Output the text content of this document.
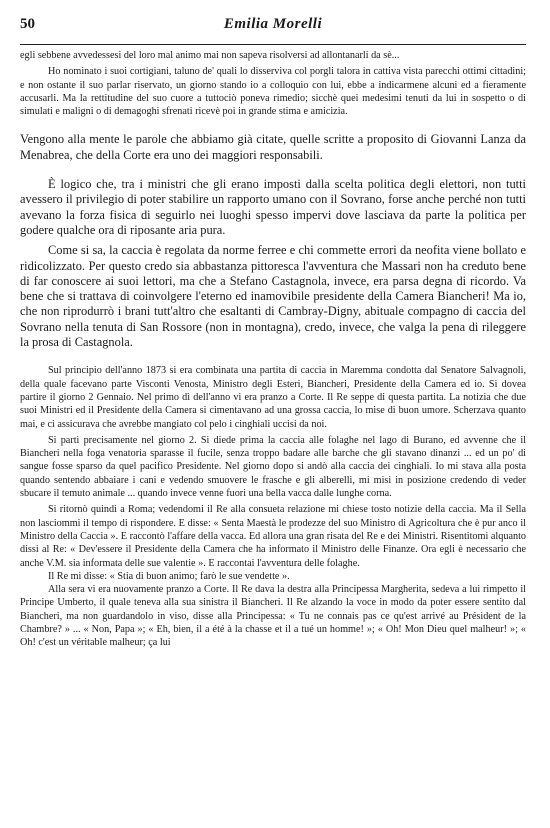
50	Emilia Morelli

egli sebbene avvedessesi del loro mal animo mai non sapeva risolversi ad allontanarli da sè...

Ho nominato i suoi cortigiani, taluno de' quali lo disserviva col porgli talora in cattiva vista parecchi ottimi cittadini; e non ostante il suo parlar riservato, un giorno stando io a colloquio con lui, ebbe a indicarmene alcuni ed a fieramente accusarli. Ma la rettitudine del suo cuore a tuttociò poneva rimedio; sicchè quei medesimi tenuti da lui in sospetto o di simulati e maligni o di demagoghi sfrenati ricevè poi in grande stima e amicizia.

Vengono alla mente le parole che abbiamo già citate, quelle scritte a proposito di Giovanni Lanza da Menabrea, che della Corte era uno dei maggiori responsabili.

È logico che, tra i ministri che gli erano imposti dalla scelta politica degli elettori, non tutti avessero il privilegio di poter stabilire un rapporto umano con il Sovrano, forse anche perché non tutti avevano la forza fisica di seguirlo nei luoghi spesso impervi dove lasciava da parte la politica per godere qualche ora di riposante aria pura.

Come si sa, la caccia è regolata da norme ferree e chi commette errori da neofita viene bollato e ridicolizzato. Per questo credo sia abbastanza pittoresca l'avventura che Massari non ha creduto bene di far conoscere ai suoi lettori, ma che a Stefano Castagnola, invece, era parsa degna di ricordo. Va bene che si trattava di coinvolgere l'eterno ed inamovibile presidente della Camera Biancheri! Ma io, che non riprodurrò i brani tutt'altro che esaltanti di Cambray-Digny, abituale compagno di caccia del Sovrano nella tenuta di San Rossore (non in montagna), credo, invece, che valga la pena di rileggere la prosa di Castagnola.

Sul principio dell'anno 1873 si era combinata una partita di caccia in Maremma condotta dal Senatore Salvagnoli, della quale facevano parte Visconti Venosta, Ministro degli Esteri, Biancheri, Presidente della Camera ed io. Si dovea partire il giorno 2 Gennaio. Nel primo dì dell'anno vi era pranzo a Corte. Il Re seppe di questa partita. La notizia che due suoi Ministri ed il Presidente della Camera si cimentavano ad una grossa caccia, lo mise di buon umore. Scherzava quanto mai, e ci assicurava che avrebbe mangiato col pelo i cinghiali uccisi da noi.

Si partì precisamente nel giorno 2. Si diede prima la caccia alle folaghe nel lago di Burano, ed avvenne che il Biancheri nella foga venatoria sparasse il fucile, senza troppo badare alle barche che gli stavano dinanzi ... ed un po' di sangue fosse sparso da quel pacifico Presidente. Nel giorno dopo si andò alla caccia dei cinghiali. Io mi stava alla posta quando sentendo abbaiare i cani e vedendo smuovere le frasche e gli alberelli, mi misi in posizione credendo di veder sbucare il temuto animale ... quando invece venne fuori una bella vacca dalle lunghe corna.

Si ritornò quindi a Roma; vedendomi il Re alla consueta relazione mi chiese tosto notizie della caccia. Ma il Sella non lasciommi il tempo di rispondere. E disse: « Senta Maestà le prodezze del suo Ministro di Agricoltura che è pur anco il Ministro della Caccia ». E raccontò l'affare della vacca. Ed allora una gran risata del Re e dei Ministri. Risentitomi alquanto dissi al Re: « Dev'essere il Presidente della Camera che ha informato il Ministro delle Finanze. Ora egli è necessario che anche V.M. sia informata delle sue valentie ». E raccontai l'avventura delle folaghe.

Il Re mi disse: « Stia di buon animo; farò le sue vendette ».

Alla sera vi era nuovamente pranzo a Corte. Il Re dava la destra alla Principessa Margherita, sedeva a lui rimpetto il Principe Umberto, il quale teneva alla sua sinistra il Biancheri. Il Re alzando la voce in modo da poter essere sentito dal Biancheri, ma non guardandolo in viso, disse alla Principessa: « Tu ne connais pas ce qu'est arrivé au Président de la Chambre? » ... « Non, Papa »; « Eh, bien, il a été à la chasse et il a tué un homme! »; « Oh! Mon Dieu quel malheur! »; « Oh! c'est un véritable malheur; ça lui
